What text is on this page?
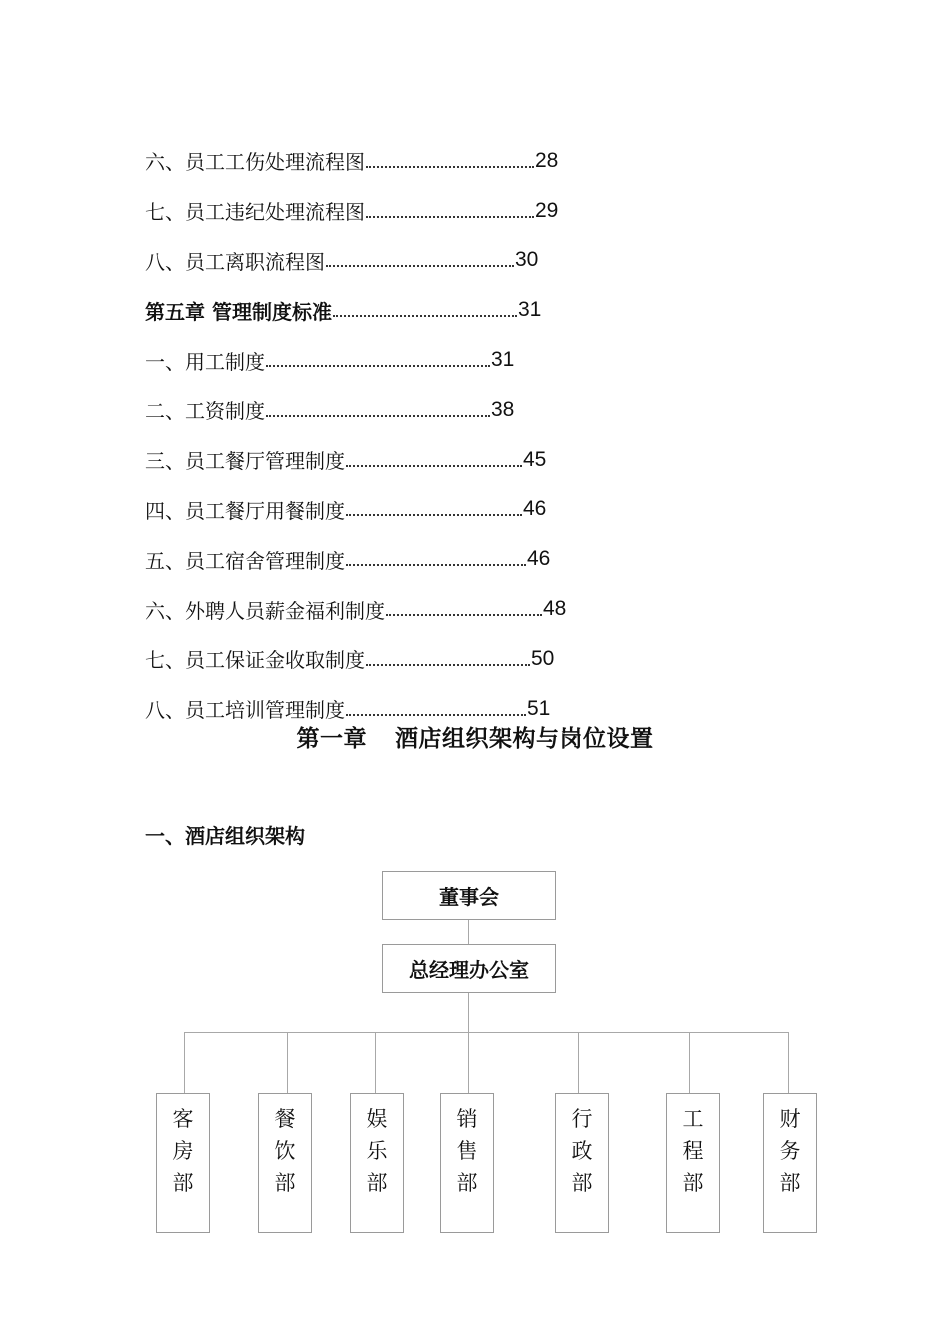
六、员工工伤处理流程图	28
七、员工违纪处理流程图	29
八、员工离职流程图	30
第五章 管理制度标准	31
一、用工制度	31
二、工资制度	38
三、员工餐厅管理制度	45
四、员工餐厅用餐制度	46
五、员工宿舍管理制度	46
六、外聘人员薪金福利制度	48
七、员工保证金收取制度	50
八、员工培训管理制度	51
第一章 酒店组织架构与岗位设置
一、酒店组织架构
董事会
总经理办公室
客
房
部
餐
饮
部
娱
乐
部
销
售
部
行
政
部
工
程
部
财
务
部
